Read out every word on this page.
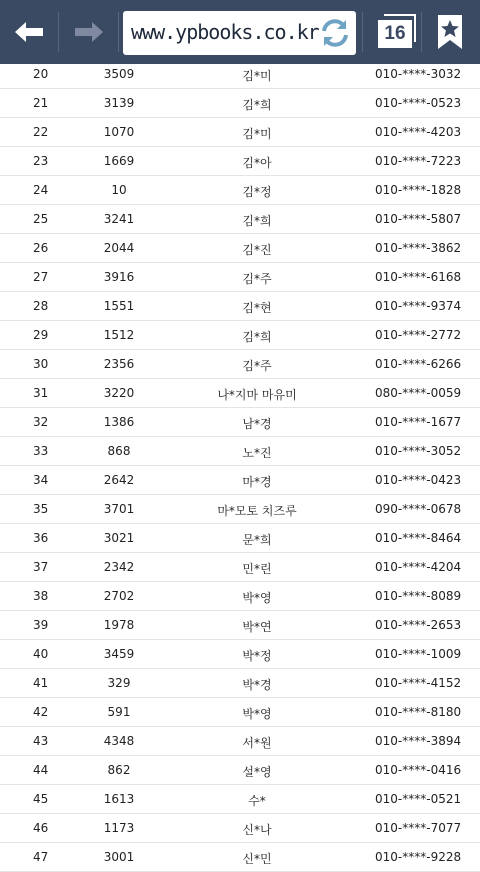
www.ypbooks.co.kr	16
20	3509	김*미	010-****-3032
21	3139	김*희	010-****-0523
22	1070	김*미	010-****-4203
23	1669	김*아	010-****-7223
24	10	김*정	010-****-1828
25	3241	김*희	010-****-5807
26	2044	김*진	010-****-3862
27	3916	김*주	010-****-6168
28	1551	김*현	010-****-9374
29	1512	김*희	010-****-2772
30	2356	김*주	010-****-6266
31	3220	나*지마 마유미	080-****-0059
32	1386	남*경	010-****-1677
33	868	노*진	010-****-3052
34	2642	마*경	010-****-0423
35	3701	마*모토 치즈루	090-****-0678
36	3021	문*희	010-****-8464
37	2342	민*린	010-****-4204
38	2702	박*영	010-****-8089
39	1978	박*연	010-****-2653
40	3459	박*정	010-****-1009
41	329	박*경	010-****-4152
42	591	박*영	010-****-8180
43	4348	서*원	010-****-3894
44	862	설*영	010-****-0416
45	1613	수*	010-****-0521
46	1173	신*나	010-****-7077
47	3001	신*민	010-****-9228
